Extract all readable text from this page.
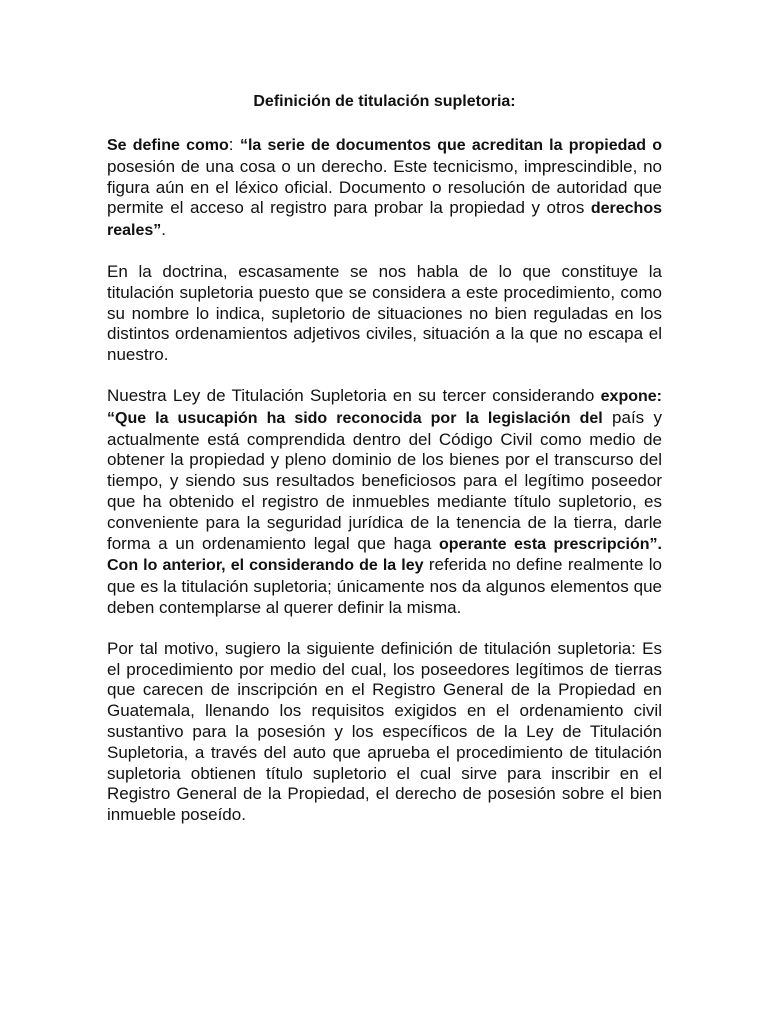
Definición de titulación supletoria:
Se define como: “la serie de documentos que acreditan la propiedad o posesión de una cosa o un derecho. Este tecnicismo, imprescindible, no figura aún en el léxico oficial. Documento o resolución de autoridad que permite el acceso al registro para probar la propiedad y otros derechos reales”.
En la doctrina, escasamente se nos habla de lo que constituye la titulación supletoria puesto que se considera a este procedimiento, como su nombre lo indica, supletorio de situaciones no bien reguladas en los distintos ordenamientos adjetivos civiles, situación a la que no escapa el nuestro.
Nuestra Ley de Titulación Supletoria en su tercer considerando expone: “Que la usucapión ha sido reconocida por la legislación del país y actualmente está comprendida dentro del Código Civil como medio de obtener la propiedad y pleno dominio de los bienes por el transcurso del tiempo, y siendo sus resultados beneficiosos para el legítimo poseedor que ha obtenido el registro de inmuebles mediante título supletorio, es conveniente para la seguridad jurídica de la tenencia de la tierra, darle forma a un ordenamiento legal que haga operante esta prescripción”. Con lo anterior, el considerando de la ley referida no define realmente lo que es la titulación supletoria; únicamente nos da algunos elementos que deben contemplarse al querer definir la misma.
Por tal motivo, sugiero la siguiente definición de titulación supletoria: Es el procedimiento por medio del cual, los poseedores legítimos de tierras que carecen de inscripción en el Registro General de la Propiedad en Guatemala, llenando los requisitos exigidos en el ordenamiento civil sustantivo para la posesión y los específicos de la Ley de Titulación Supletoria, a través del auto que aprueba el procedimiento de titulación supletoria obtienen título supletorio el cual sirve para inscribir en el Registro General de la Propiedad, el derecho de posesión sobre el bien inmueble poseído.
